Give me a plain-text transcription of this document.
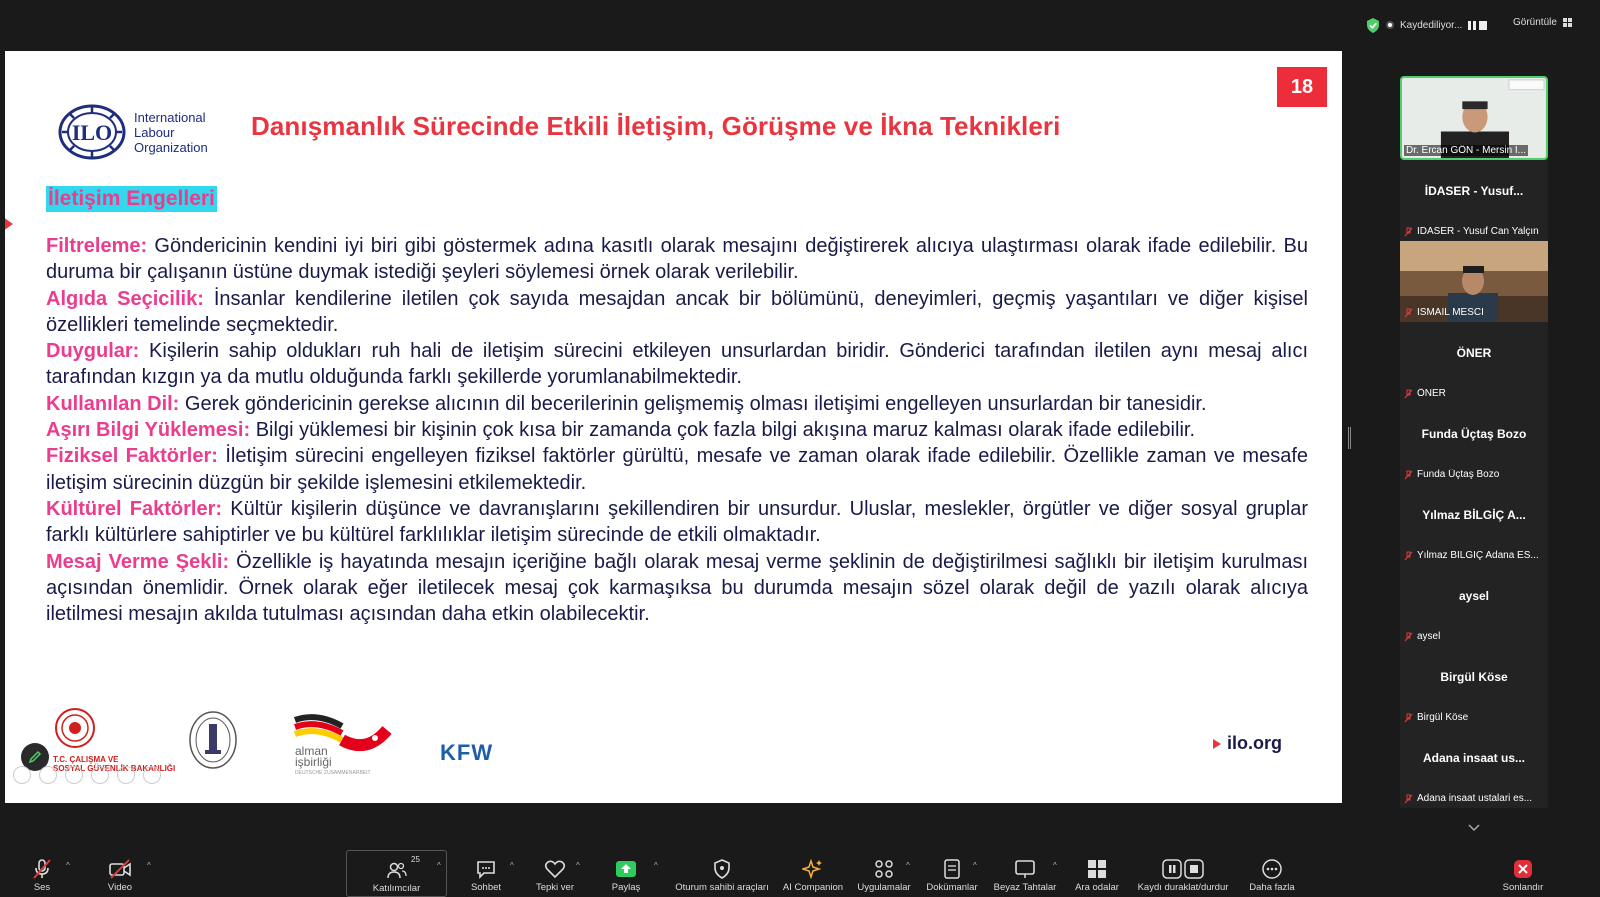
Kaydediliyor...	Görüntüle
18
ILO
International
Labour
Organization
Danışmanlık Sürecinde Etkili İletişim, Görüşme ve İkna Teknikleri
İletişim Engelleri

Filtreleme: Göndericinin kendini iyi biri gibi göstermek adına kasıtlı olarak mesajını değiştirerek alıcıya ulaştırması olarak ifade edilebilir. Bu duruma bir çalışanın üstüne duymak istediği şeyleri söylemesi örnek olarak verilebilir.

Algıda Seçicilik: İnsanlar kendilerine iletilen çok sayıda mesajdan ancak bir bölümünü, deneyimleri, geçmiş yaşantıları ve diğer kişisel özellikleri temelinde seçmektedir.

Duygular: Kişilerin sahip oldukları ruh hali de iletişim sürecini etkileyen unsurlardan biridir. Gönderici tarafından iletilen aynı mesaj alıcı tarafından kızgın ya da mutlu olduğunda farklı şekillerde yorumlanabilmektedir.

Kullanılan Dil: Gerek göndericinin gerekse alıcının dil becerilerinin gelişmemiş olması iletişimi engelleyen unsurlardan bir tanesidir.

Aşırı Bilgi Yüklemesi: Bilgi yüklemesi bir kişinin çok kısa bir zamanda çok fazla bilgi akışına maruz kalması olarak ifade edilebilir.

Fiziksel Faktörler: İletişim sürecini engelleyen fiziksel faktörler gürültü, mesafe ve zaman olarak ifade edilebilir. Özellikle zaman ve mesafe iletişim sürecinin düzgün bir şekilde işlemesini etkilemektedir.

Kültürel Faktörler: Kültür kişilerin düşünce ve davranışlarını şekillendiren bir unsurdur. Uluslar, meslekler, örgütler ve diğer sosyal gruplar farklı kültürlere sahiptirler ve bu kültürel farklılıklar iletişim sürecinde de etkili olmaktadır.

Mesaj Verme Şekli: Özellikle iş hayatında mesajın içeriğine bağlı olarak mesaj verme şeklinin de değiştirilmesi sağlıklı bir iletişim kurulması açısından önemlidir. Örnek olarak eğer iletilecek mesaj çok karmaşıksa bu durumda mesajın sözel olarak değil de yazılı olarak alıcıya iletilmesi mesajın akılda tutulması açısından daha etkin olabilecektir.

T.C. ÇALIŞMA VE
SOSYAL GÜVENLİK BAKANLIĞI
alman
işbirliği
DEUTSCHE ZUSAMMENARBEIT
KFW	ilo.org
Dr. Ercan GÖN - Mersin İ...
İDASER - Yusuf...
İDASER - Yusuf Can Yalçın
İSMAİL MESCİ
ÖNER
ÖNER
Funda Üçtaş Bozo
Funda Üçtaş Bozo
Yılmaz BİLGİÇ A...
Yılmaz BİLGİÇ Adana ES...
aysel
aysel
Birgül Köse
Birgül Köse
Adana insaat us...
Adana insaat ustalari es...
Ses
^
Video
^
Katılımcılar
25
^
Sohbet
^
Tepki ver
^
Paylaş
^
Oturum sahibi araçları AI Companion Uygulamalar
^
Dokümanlar
^
Beyaz Tahtalar
^
Ara odalar Kaydı duraklat/durdur Daha fazla	Sonlandır
